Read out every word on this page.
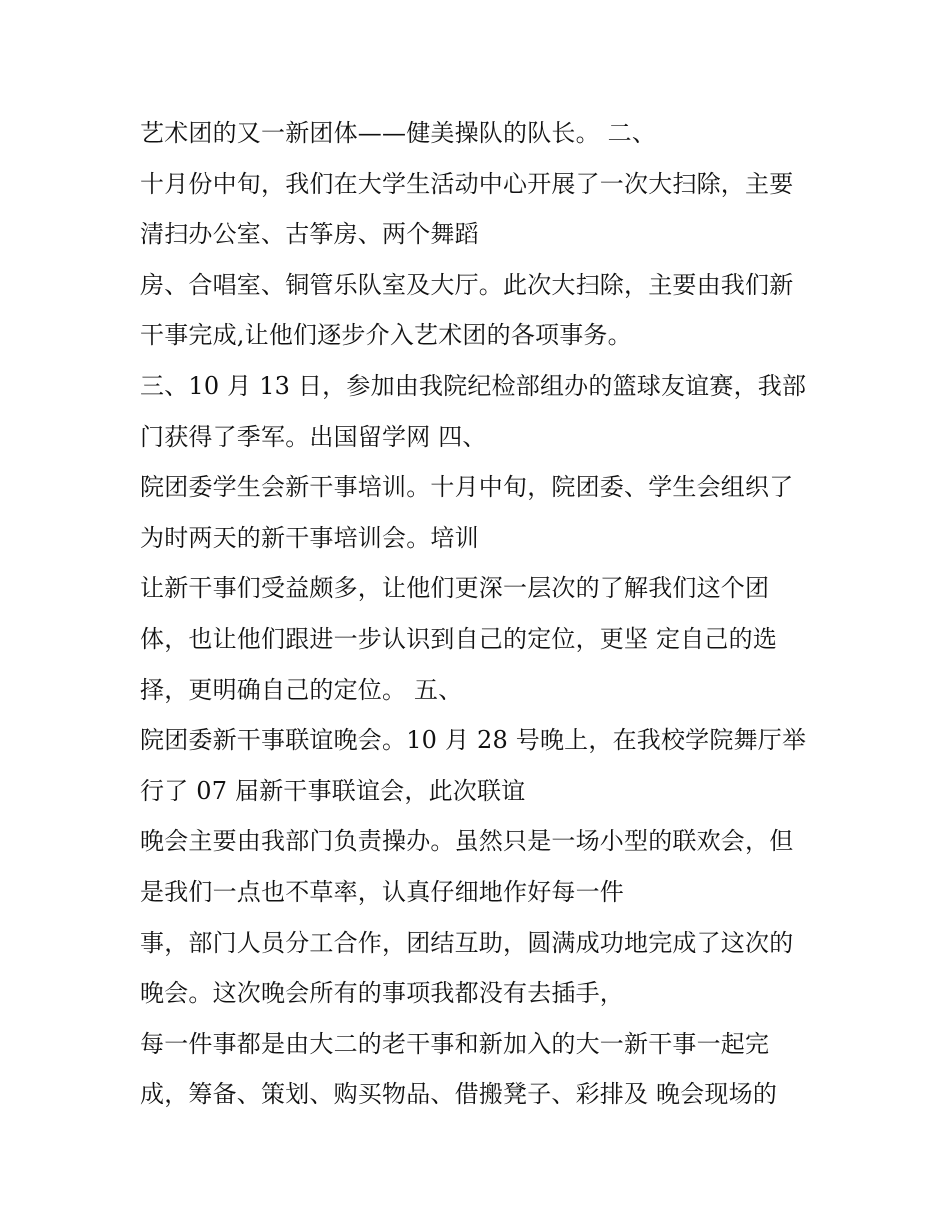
艺术团的又一新团体——健美操队的队长。 二、
十月份中旬，我们在大学生活动中心开展了一次大扫除，主要
清扫办公室、古筝房、两个舞蹈
房、合唱室、铜管乐队室及大厅。此次大扫除，主要由我们新
干事完成,让他们逐步介入艺术团的各项事务。
三、10 月 13 日，参加由我院纪检部组办的篮球友谊赛，我部
门获得了季军。出国留学网 四、
院团委学生会新干事培训。十月中旬，院团委、学生会组织了
为时两天的新干事培训会。培训
让新干事们受益颇多，让他们更深一层次的了解我们这个团
体，也让他们跟进一步认识到自己的定位，更坚 定自己的选
择，更明确自己的定位。 五、
院团委新干事联谊晚会。10 月 28 号晚上，在我校学院舞厅举
行了 07 届新干事联谊会，此次联谊
晚会主要由我部门负责操办。虽然只是一场小型的联欢会，但
是我们一点也不草率，认真仔细地作好每一件
事，部门人员分工合作，团结互助，圆满成功地完成了这次的
晚会。这次晚会所有的事项我都没有去插手，
每一件事都是由大二的老干事和新加入的大一新干事一起完
成，筹备、策划、购买物品、借搬凳子、彩排及 晚会现场的
